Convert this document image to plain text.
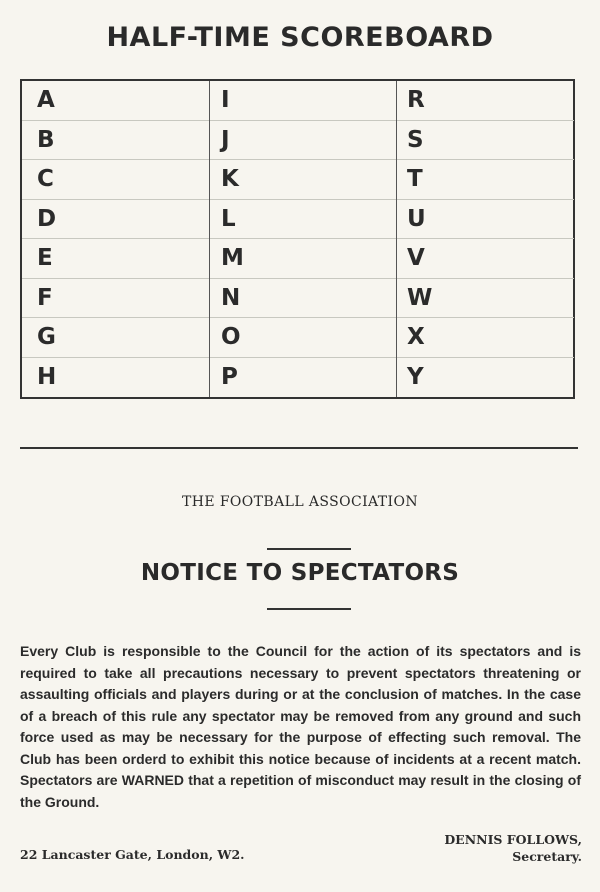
HALF-TIME SCOREBOARD
A
B
C
D
E
F
G
H
I
J
K
L
M
N
O
P
R
S
T
U
V
W
X
Y
THE FOOTBALL ASSOCIATION
NOTICE TO SPECTATORS
Every Club is responsible to the Council for the action of its spectators and is required to take all precautions necessary to prevent spectators threatening or assaulting officials and players during or at the conclusion of matches. In the case of a breach of this rule any spectator may be removed from any ground and such force used as may be necessary for the purpose of effecting such removal. The Club has been orderd to exhibit this notice because of incidents at a recent match. Spectators are WARNED that a repetition of misconduct may result in the closing of the Ground.
22 Lancaster Gate, London, W2.
DENNIS FOLLOWS,
Secretary.
